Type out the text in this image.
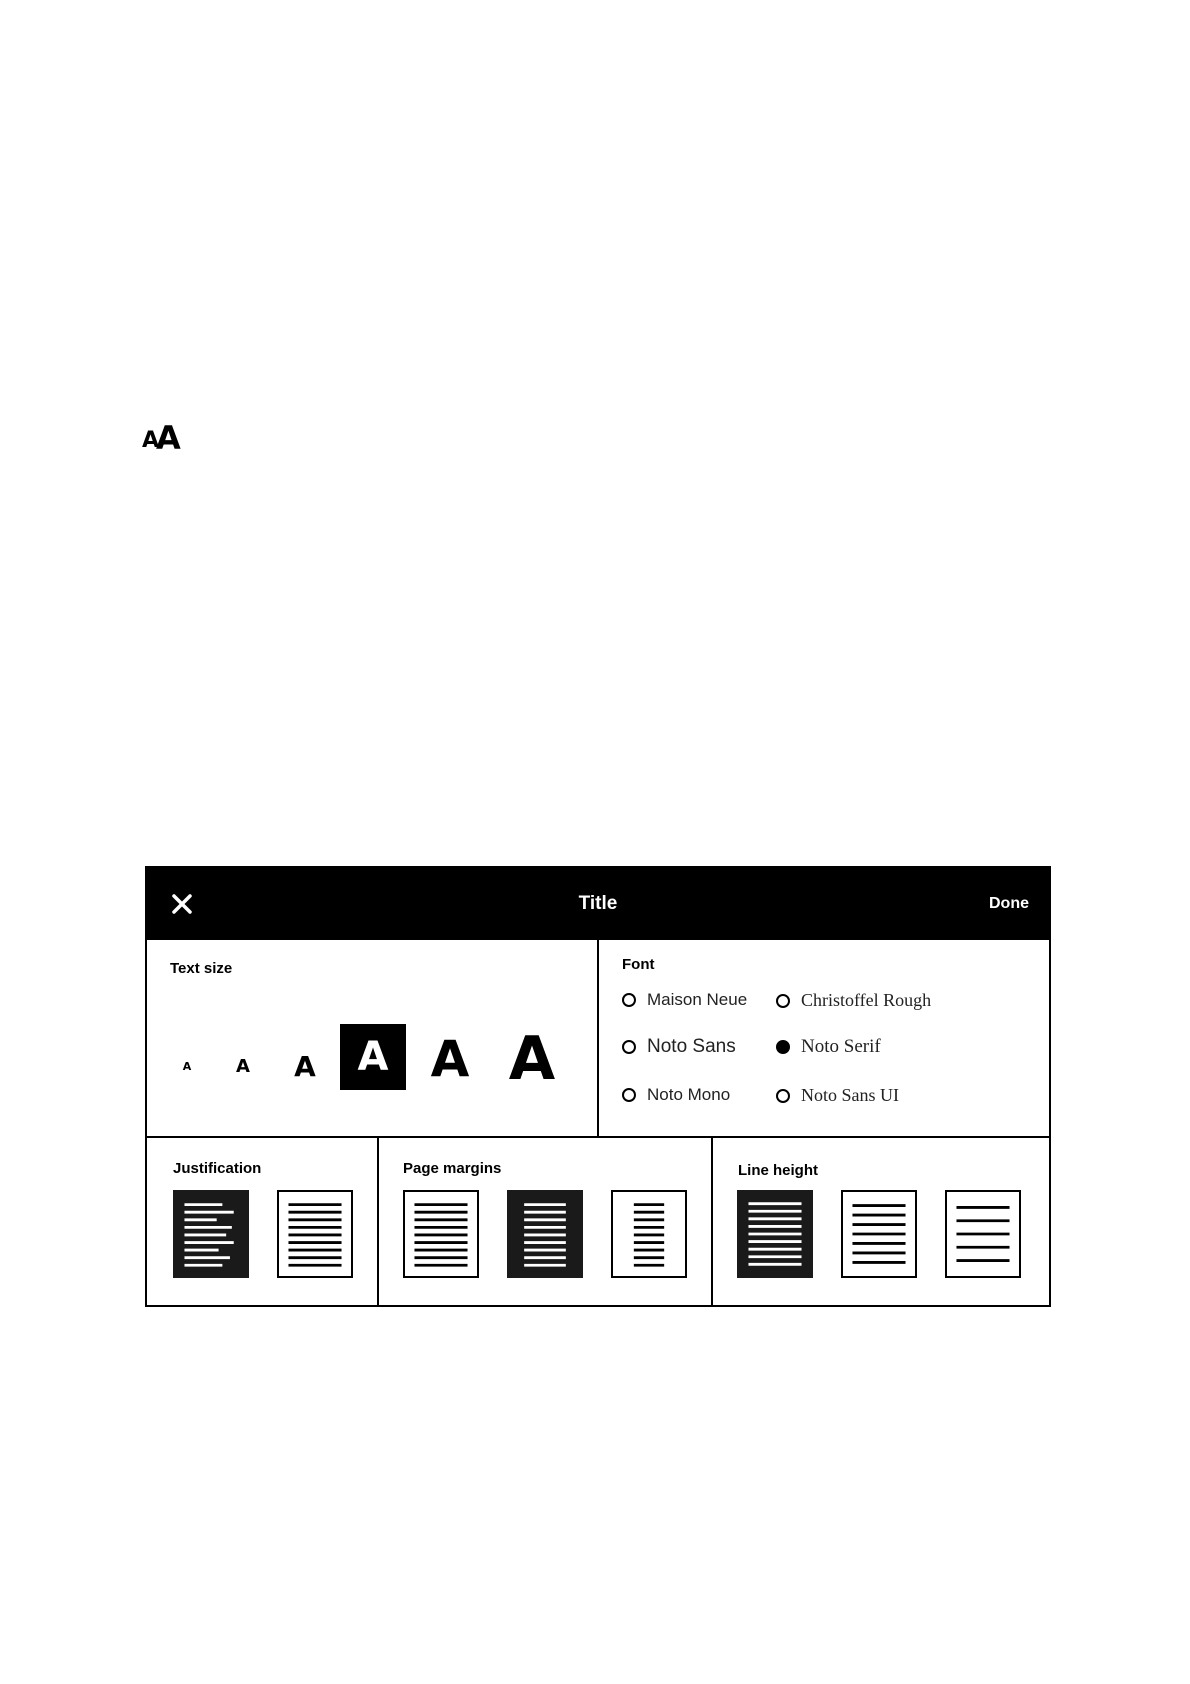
A
A
Title	Done
Text size
A	A	A	A A A
Font
Maison Neue	Christoffel Rough
Noto Sans	Noto Serif
Noto Mono	Noto Sans UI
Justification	Page margins	Line height
